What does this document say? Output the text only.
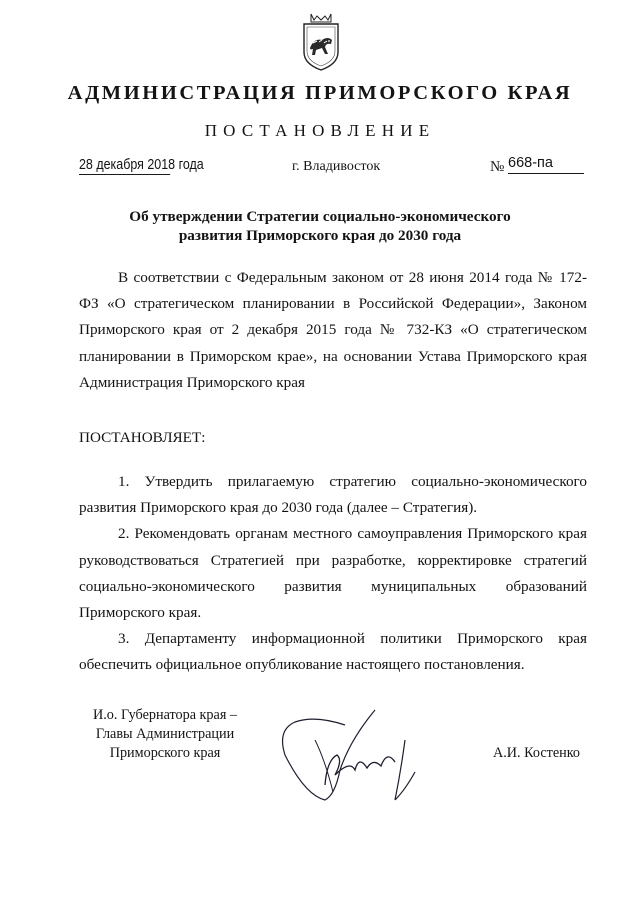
АДМИНИСТРАЦИЯ ПРИМОРСКОГО КРАЯ
ПОСТАНОВЛЕНИЕ
28 декабря 2018 года	г. Владивосток	№ 668-па
Об утверждении Стратегии социально-экономического
развития Приморского края до 2030 года

В соответствии с Федеральным законом от 28 июня 2014 года № 172-ФЗ «О стратегическом планировании в Российской Федерации», Законом Приморского края от 2 декабря 2015 года № 732-КЗ «О стратегическом планировании в Приморском крае», на основании Устава Приморского края Администрация Приморского края

ПОСТАНОВЛЯЕТ:

1. Утвердить прилагаемую стратегию социально-экономического развития Приморского края до 2030 года (далее – Стратегия).

2. Рекомендовать органам местного самоуправления Приморского края руководствоваться Стратегией при разработке, корректировке стратегий социально-экономического развития муниципальных образований Приморского края.

3. Департаменту информационной политики Приморского края обеспечить официальное опубликование настоящего постановления.

И.о. Губернатора края –
Главы Администрации
Приморского края	А.И. Костенко
